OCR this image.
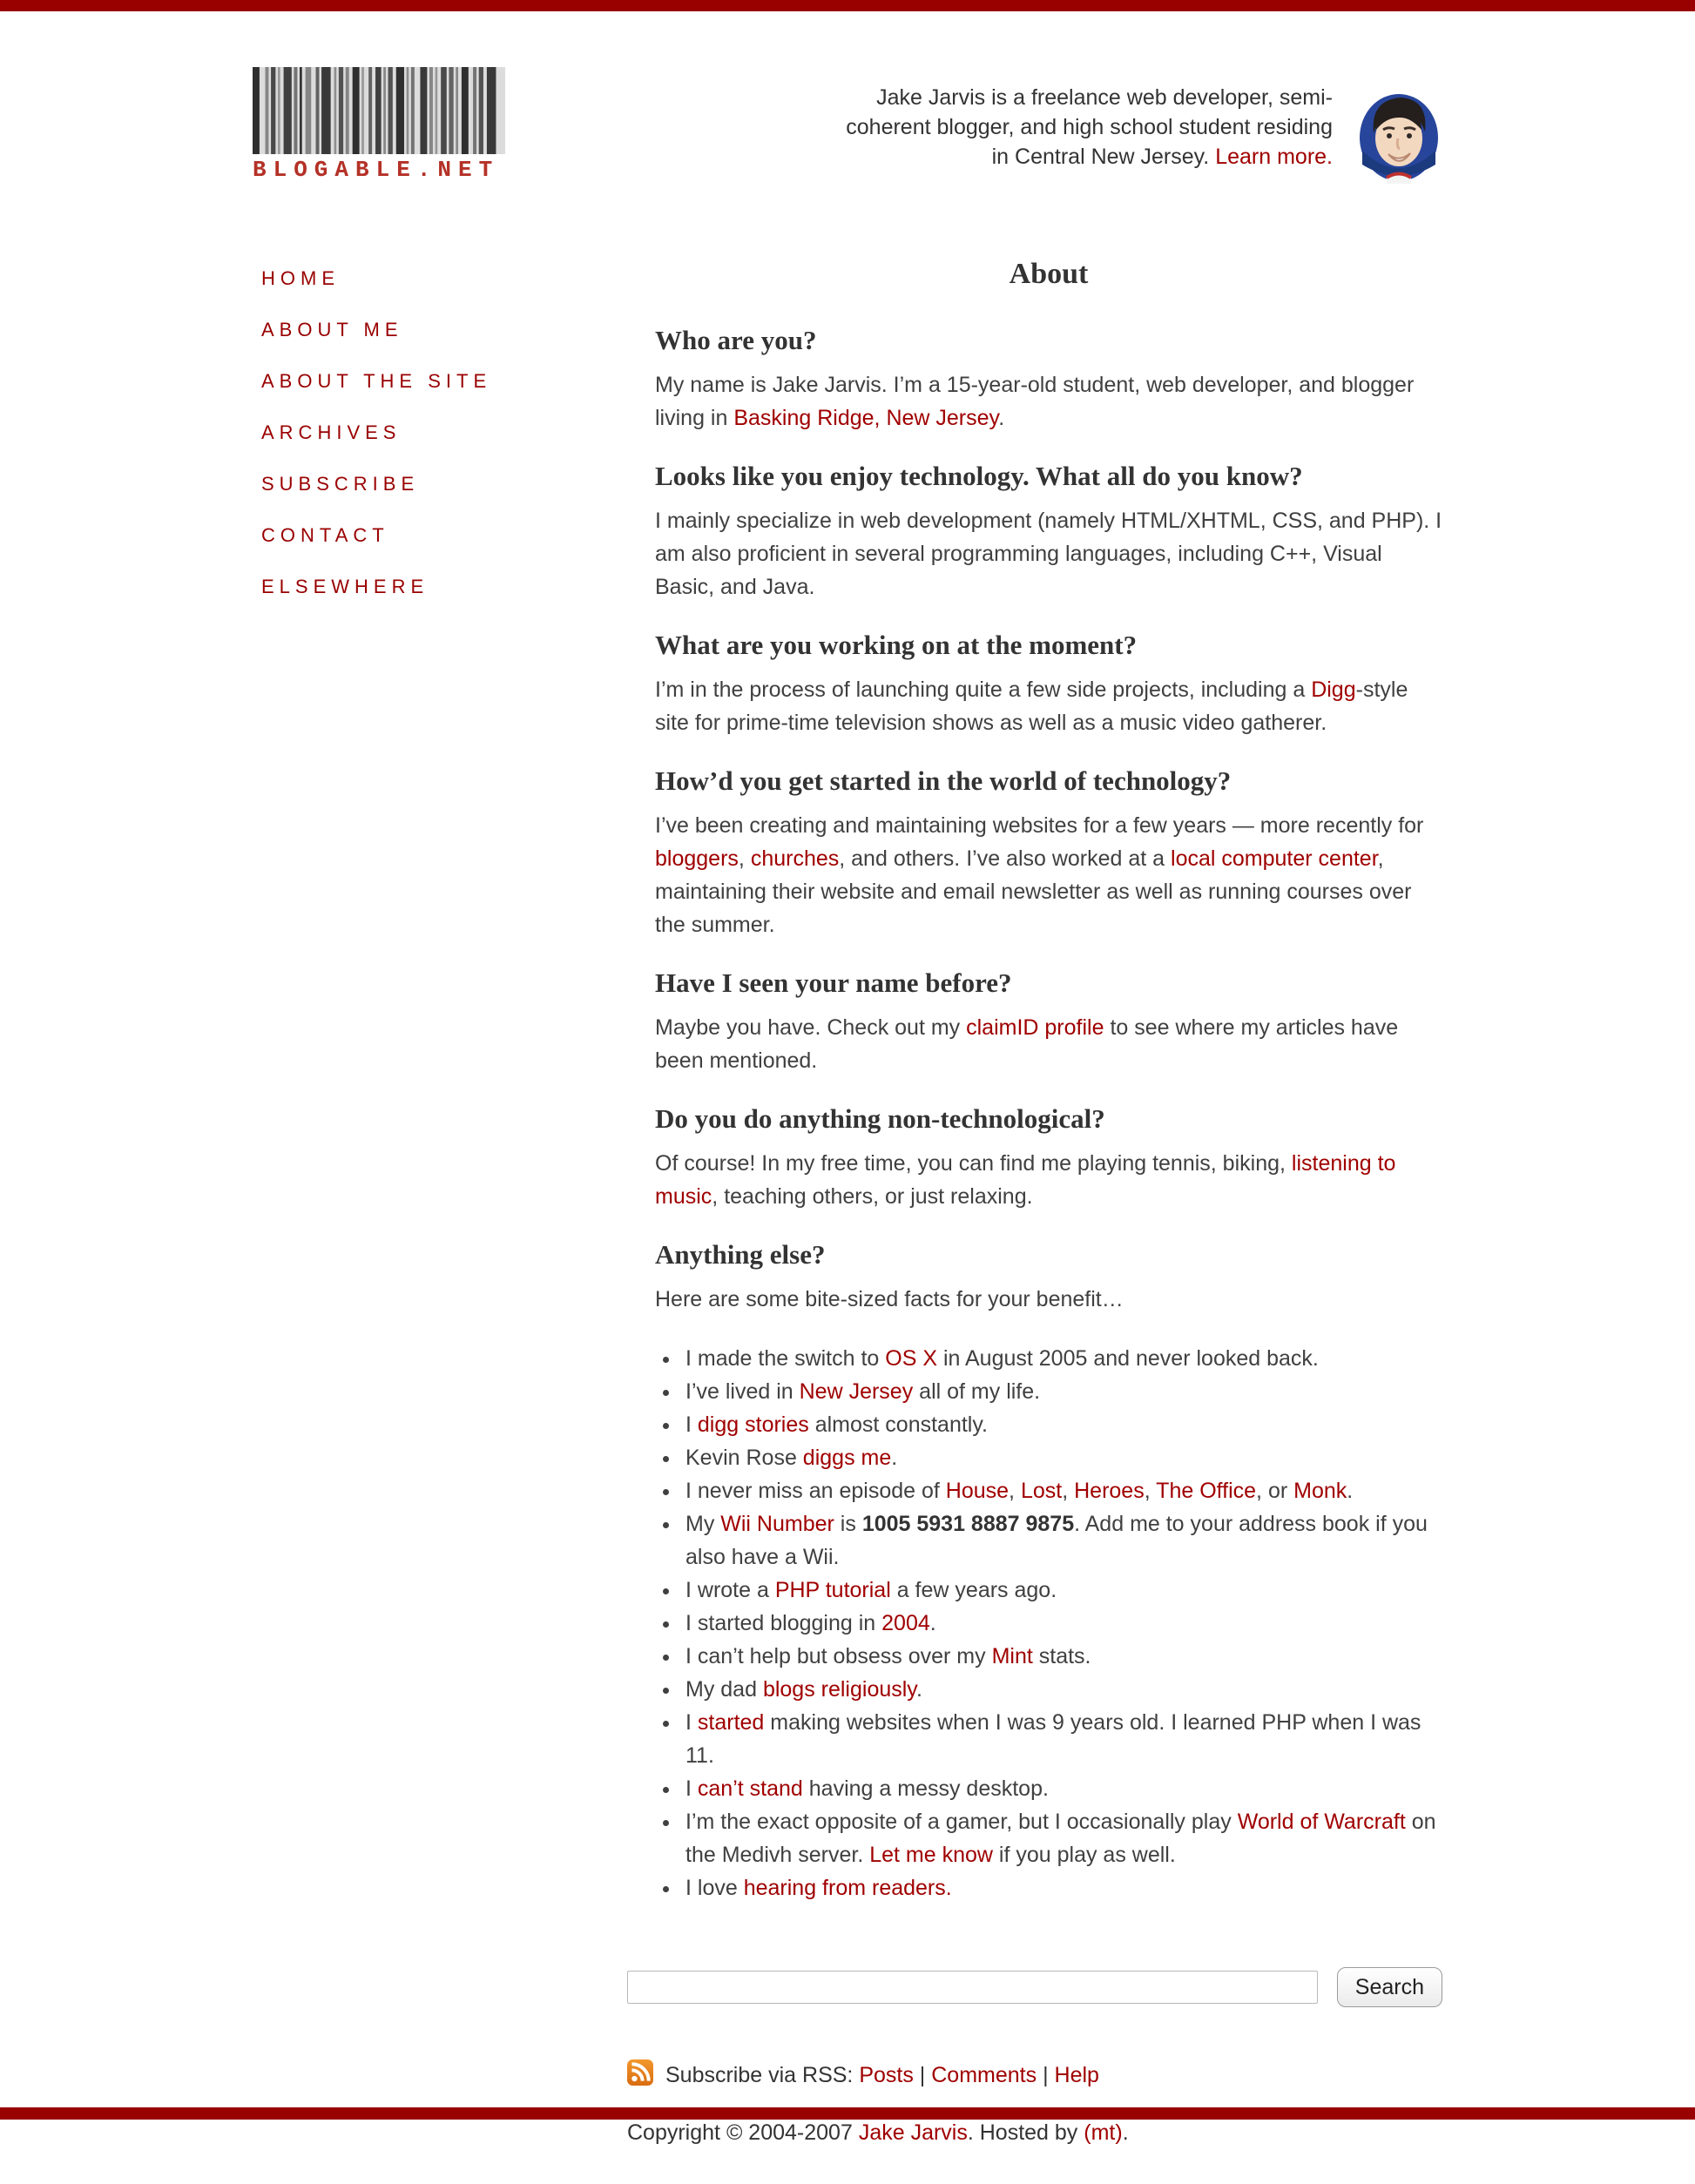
BLOGABLE.NET

Jake Jarvis is a freelance web developer, semi-coherent blogger, and high school student residing in Central New Jersey. Learn more.

HOME
ABOUT ME
ABOUT THE SITE
ARCHIVES
SUBSCRIBE
CONTACT
ELSEWHERE
About
Who are you?

My name is Jake Jarvis. I’m a 15-year-old student, web developer, and blogger living in Basking Ridge, New Jersey.

Looks like you enjoy technology. What all do you know?

I mainly specialize in web development (namely HTML/XHTML, CSS, and PHP). I am also proficient in several programming languages, including C++, Visual Basic, and Java.

What are you working on at the moment?

I’m in the process of launching quite a few side projects, including a Digg-style site for prime-time television shows as well as a music video gatherer.

How’d you get started in the world of technology?

I’ve been creating and maintaining websites for a few years — more recently for bloggers, churches, and others. I’ve also worked at a local computer center, maintaining their website and email newsletter as well as running courses over the summer.

Have I seen your name before?

Maybe you have. Check out my claimID profile to see where my articles have been mentioned.

Do you do anything non-technological?

Of course! In my free time, you can find me playing tennis, biking, listening to music, teaching others, or just relaxing.

Anything else?

Here are some bite-sized facts for your benefit…

• I made the switch to OS X in August 2005 and never looked back.
• I’ve lived in New Jersey all of my life.
• I digg stories almost constantly.
• Kevin Rose diggs me.
• I never miss an episode of House, Lost, Heroes, The Office, or Monk.
• My Wii Number is 1005 5931 8887 9875. Add me to your address book if you also have a Wii.
• I wrote a PHP tutorial a few years ago.
• I started blogging in 2004.
• I can’t help but obsess over my Mint stats.
• My dad blogs religiously.
• I started making websites when I was 9 years old. I learned PHP when I was 11.
• I can’t stand having a messy desktop.
• I’m the exact opposite of a gamer, but I occasionally play World of Warcraft on the Medivh server. Let me know if you play as well.
• I love hearing from readers.
Search
Subscribe via RSS: Posts | Comments | Help

Copyright © 2004-2007 Jake Jarvis. Hosted by (mt).
